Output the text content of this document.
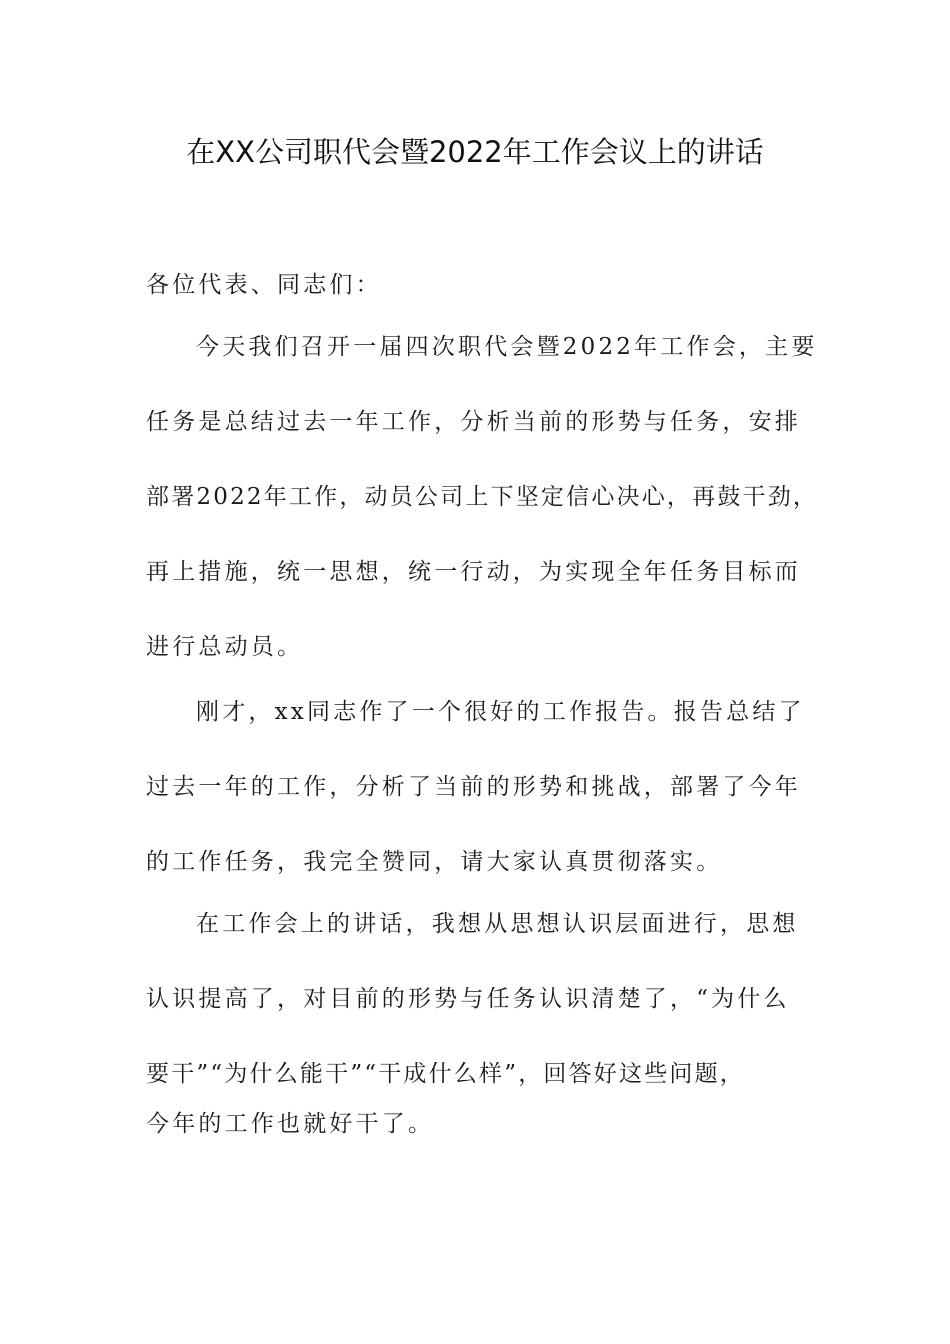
在XX公司职代会暨2022年工作会议上的讲话
各位代表、同志们：
今天我们召开一届四次职代会暨2022年工作会，主要
任务是总结过去一年工作，分析当前的形势与任务，安排
部署2022年工作，动员公司上下坚定信心决心，再鼓干劲，
再上措施，统一思想，统一行动，为实现全年任务目标而
进行总动员。
刚才，xx同志作了一个很好的工作报告。报告总结了
过去一年的工作，分析了当前的形势和挑战，部署了今年
的工作任务，我完全赞同，请大家认真贯彻落实。
在工作会上的讲话，我想从思想认识层面进行，思想
认识提高了，对目前的形势与任务认识清楚了，“为什么
要干”“为什么能干”“干成什么样”，回答好这些问题，
今年的工作也就好干了。
